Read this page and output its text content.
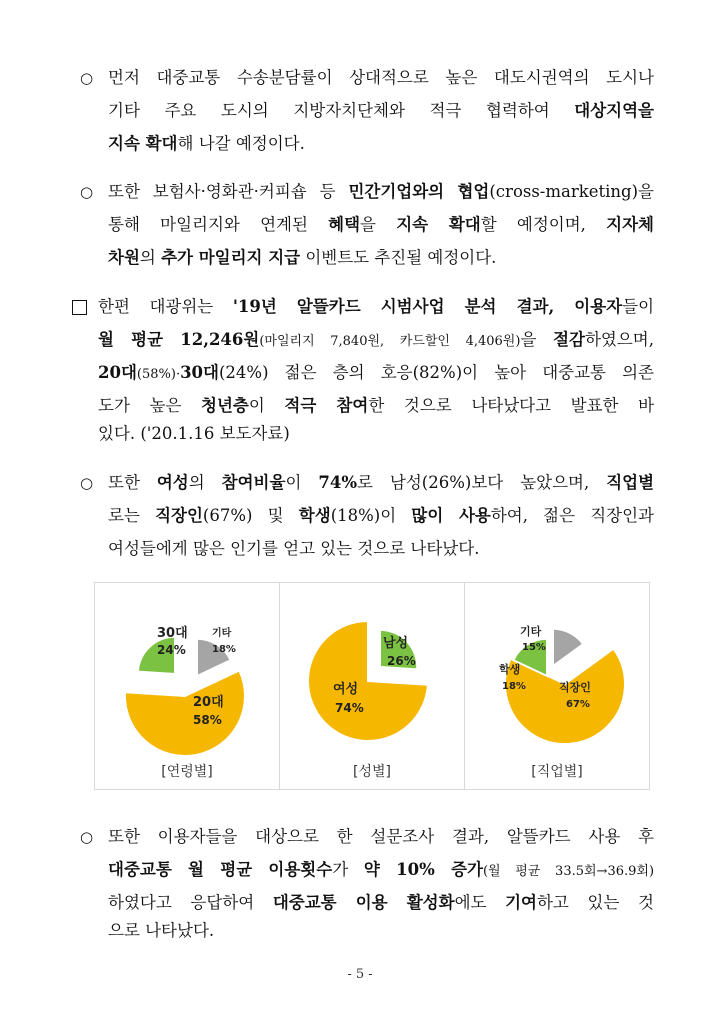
○ 먼저 대중교통 수송분담률이 상대적으로 높은 대도시권역의 도시나
기타 주요 도시의 지방자치단체와 적극 협력하여 대상지역을
지속 확대해 나갈 예정이다.
○ 또한 보험사·영화관·커피숍 등 민간기업와의 협업(cross-marketing)을
통해 마일리지와 연계된 혜택을 지속 확대할 예정이며, 지자체
차원의 추가 마일리지 지급 이벤트도 추진될 예정이다.
한편 대광위는 '19년 알뜰카드 시범사업 분석 결과, 이용자들이
월 평균 12,246원(마일리지 7,840원, 카드할인 4,406원)을 절감하였으며,
20대(58%)·30대(24%) 젊은 층의 호응(82%)이 높아 대중교통 의존
도가 높은 청년층이 적극 참여한 것으로 나타났다고 발표한 바
있다. ('20.1.16 보도자료)
○ 또한 여성의 참여비율이 74%로 남성(26%)보다 높았으며, 직업별
로는 직장인(67%) 및 학생(18%)이 많이 사용하여, 젊은 직장인과
여성들에게 많은 인기를 얻고 있는 것으로 나타났다.
30대
24%
기타
18%
20대
58%
[연령별]
남성
26%
여성
74%
[성별]
기타
15%
학생
18%	직장인
67%
[직업별]
○ 또한 이용자들을 대상으로 한 설문조사 결과, 알뜰카드 사용 후
대중교통 월 평균 이용횟수가 약 10% 증가(월 평균 33.5회→36.9회)
하였다고 응답하여 대중교통 이용 활성화에도 기여하고 있는 것
으로 나타났다.
- 5 -
